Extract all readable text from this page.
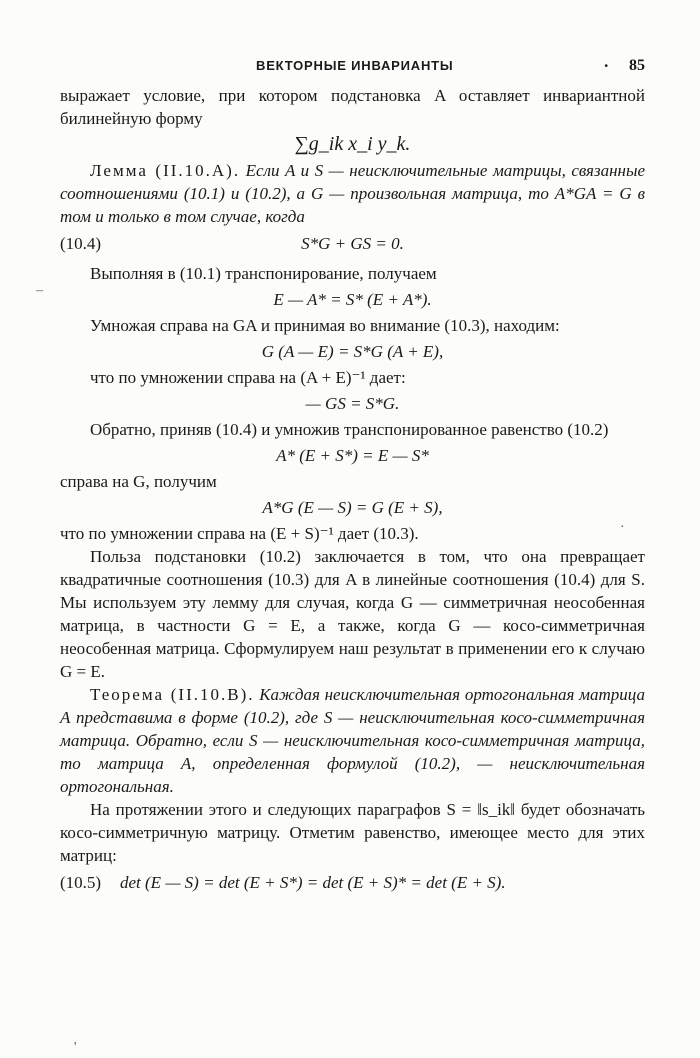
ВЕКТОРНЫЕ ИНВАРИАНТЫ	· 85

выражает условие, при котором подстановка A оставляет инвариантной билинейную форму

∑g_ik x_i y_k.

Лемма (II.10.A). Если A и S — неисключительные матрицы, связанные соотношениями (10.1) и (10.2), а G — произвольная матрица, то A*GA = G в том и только в том случае, когда

(10.4)	S*G + GS = 0.

Выполняя в (10.1) транспонирование, получаем

E — A* = S* (E + A*).

Умножая справа на GA и принимая во внимание (10.3), находим:

G (A — E) = S*G (A + E),

что по умножении справа на (A + E)⁻¹ дает:

— GS = S*G.

Обратно, приняв (10.4) и умножив транспонированное равенство (10.2)

A* (E + S*) = E — S*

справа на G, получим

A*G (E — S) = G (E + S),

что по умножении справа на (E + S)⁻¹ дает (10.3).

Польза подстановки (10.2) заключается в том, что она превращает квадратичные соотношения (10.3) для A в линейные соотношения (10.4) для S. Мы используем эту лемму для случая, когда G — симметричная неособенная матрица, в частности G = E, а также, когда G — косо-симметричная неособенная матрица. Сформулируем наш результат в применении его к случаю G = E.

Теорема (II.10.B). Каждая неисключительная ортогональная матрица A представима в форме (10.2), где S — неисключительная косо-симметричная матрица. Обратно, если S — неисключительная косо-симметричная матрица, то матрица A, определенная формулой (10.2), — неисключительная ортогональная.

На протяжении этого и следующих параграфов S = ‖s_ik‖ будет обозначать косо-симметричную матрицу. Отметим равенство, имеющее место для этих матриц:

(10.5) det (E — S) = det (E + S*) = det (E + S)* = det (E + S).
–
·
'
